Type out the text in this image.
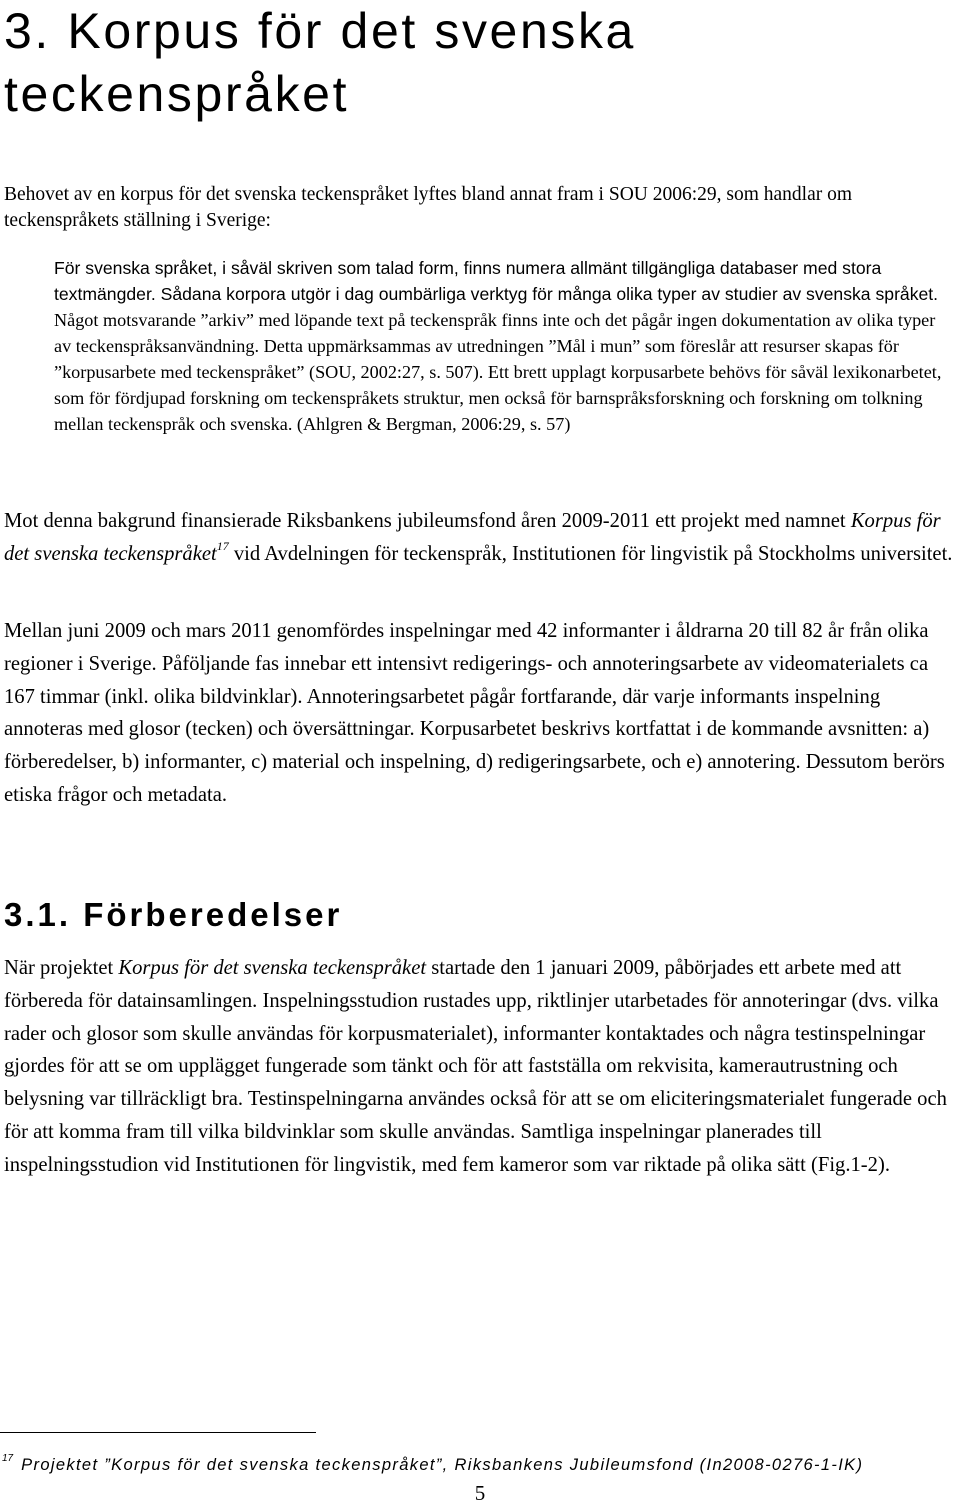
3. Korpus för det svenska teckenspråket

Behovet av en korpus för det svenska teckenspråket lyftes bland annat fram i SOU 2006:29, som handlar om teckenspråkets ställning i Sverige:

För svenska språket, i såväl skriven som talad form, finns numera allmänt tillgängliga databaser med stora textmängder. Sådana korpora utgör i dag oumbärliga verktyg för många olika typer av studier av svenska språket. Något motsvarande ”arkiv” med löpande text på teckenspråk finns inte och det pågår ingen dokumentation av olika typer av teckenspråksanvändning. Detta uppmärksammas av utredningen ”Mål i mun” som föreslår att resurser skapas för ”korpusarbete med teckenspråket” (SOU, 2002:27, s. 507). Ett brett upplagt korpusarbete behövs för såväl lexikonarbetet, som för fördjupad forskning om teckenspråkets struktur, men också för barnspråksforskning och forskning om tolkning mellan teckenspråk och svenska. (Ahlgren & Bergman, 2006:29, s. 57)

Mot denna bakgrund finansierade Riksbankens jubileumsfond åren 2009-2011 ett projekt med namnet Korpus för det svenska teckenspråket$^{17}$ vid Avdelningen för teckenspråk, Institutionen för lingvistik på Stockholms universitet.

Mellan juni 2009 och mars 2011 genomfördes inspelningar med 42 informanter i åldrarna 20 till 82 år från olika regioner i Sverige. Påföljande fas innebar ett intensivt redigerings- och annoteringsarbete av videomaterialets ca 167 timmar (inkl. olika bildvinklar). Annoteringsarbetet pågår fortfarande, där varje informants inspelning annoteras med glosor (tecken) och översättningar. Korpusarbetet beskrivs kortfattat i de kommande avsnitten: a) förberedelser, b) informanter, c) material och inspelning, d) redigeringsarbete, och e) annotering. Dessutom berörs etiska frågor och metadata.

3.1. Förberedelser

När projektet Korpus för det svenska teckenspråket startade den 1 januari 2009, påbörjades ett arbete med att förbereda för datainsamlingen. Inspelningsstudion rustades upp, riktlinjer utarbetades för annoteringar (dvs. vilka rader och glosor som skulle användas för korpusmaterialet), informanter kontaktades och några testinspelningar gjordes för att se om upplägget fungerade som tänkt och för att fastställa om rekvisita, kamerautrustning och belysning var tillräckligt bra. Testinspelningarna användes också för att se om eliciteringsmaterialet fungerade och för att komma fram till vilka bildvinklar som skulle användas. Samtliga inspelningar planerades till inspelningsstudion vid Institutionen för lingvistik, med fem kameror som var riktade på olika sätt (Fig.1-2).

$^{17}$ Projektet ”Korpus för det svenska teckenspråket”, Riksbankens Jubileumsfond (In2008-0276-1-IK)

5
